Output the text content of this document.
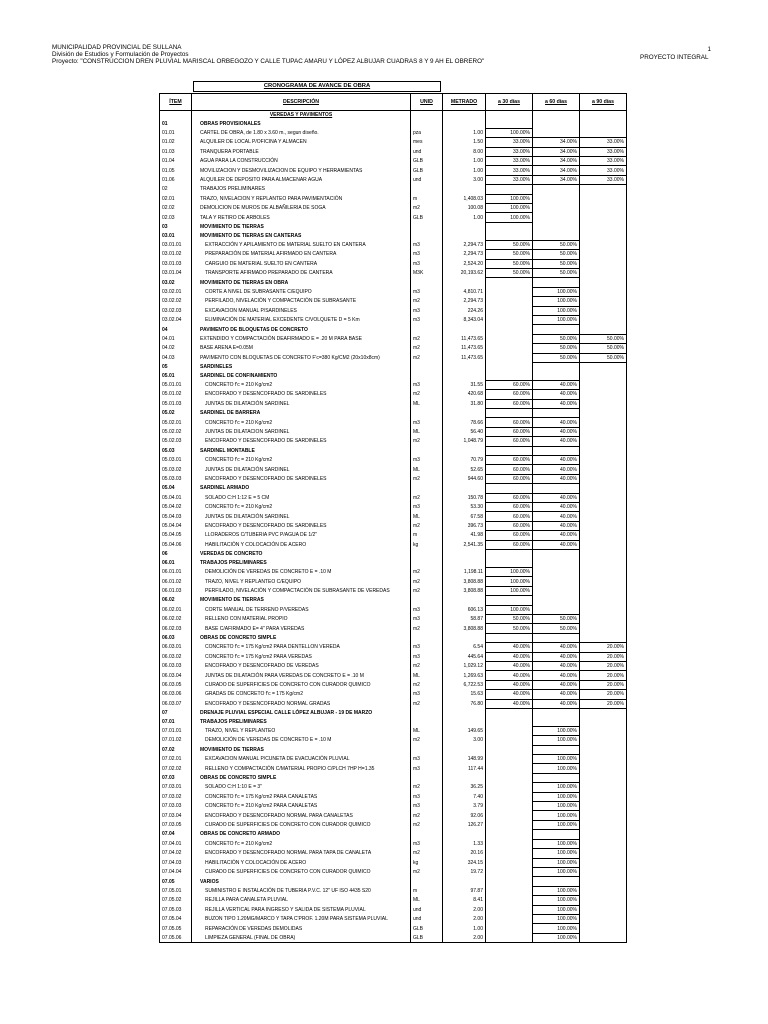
MUNICIPALIDAD PROVINCIAL DE SULLANA
División de Estudios y Formulación de Proyectos
Proyecto: "CONSTRUCCION DREN PLUVIAL MARISCAL ORBEGOZO Y CALLE TUPAC AMARU Y LÓPEZ ALBUJAR CUADRAS 8 Y 9 AH EL OBRERO"
1
PROYECTO INTEGRAL
CRONOGRAMA DE AVANCE DE OBRA
ÍTEM	DESCRIPCIÓN	UNID	METRADO	a 30 días	a 60 días	a 90 días
	VEREDAS Y PAVIMENTOS					
01	OBRAS PROVISIONALES					
01.01	CARTEL DE OBRA, de 1.80 x 3.60 m., segun diseño.	pza	1.00	100.00%		
01.02	ALQUILER DE LOCAL P/OFICINA Y ALMACEN	mes	1.50	33.00%	34.00%	33.00%
01.03	TRANQUERA PORTABLE	und	8.00	33.00%	34.00%	33.00%
01.04	AGUA PARA LA CONSTRUCCIÓN	GLB	1.00	33.00%	34.00%	33.00%
01.05	MOVILIZACION Y DESMOVILIZACION DE EQUIPO Y HERRAMIENTAS	GLB	1.00	33.00%	34.00%	33.00%
01.06	ALQUILER DE DEPOSITO PARA ALMACENAR AGUA	und	3.00	33.00%	34.00%	33.00%
02	TRABAJOS PRELIMINARES					
02.01	TRAZO, NIVELACION Y REPLANTEO PARA PAVIMENTACIÓN	m	1,408.03	100.00%		
02.02	DEMOLICION DE MUROS DE ALBAÑILERIA DE SOGA	m2	100.08	100.00%		
02.03	TALA Y RETIRO DE ARBOLES	GLB	1.00	100.00%		
03	MOVIMIENTO DE TIERRAS					
03.01	MOVIMIENTO DE TIERRAS EN CANTERAS					
03.01.01	EXTRACCIÓN Y APILAMIENTO DE MATERIAL SUELTO EN CANTERA	m3	2,294.73	50.00%	50.00%	
03.01.02	PREPARACIÓN DE MATERIAL AFIRMADO EN CANTERA	m3	2,294.73	50.00%	50.00%	
03.01.03	CARGUIO DE MATERIAL SUELTO EN CANTERA	m3	2,524.20	50.00%	50.00%	
03.01.04	TRANSPORTE AFIRMADO PREPARADO DE CANTERA	M3K	20,193.62	50.00%	50.00%	
03.02	MOVIMIENTO DE TIERRAS EN OBRA					
03.02.01	CORTE A NIVEL DE SUBRASANTE C/EQUIPO	m3	4,810.71		100.00%	
03.02.02	PERFILADO, NIVELACIÓN Y COMPACTACIÓN DE SUBRASANTE	m2	2,294.73		100.00%	
03.02.03	EXCAVACION MANUAL P/SARDINELES	m3	224.26		100.00%	
03.02.04	ELIMINACIÓN DE MATERIAL EXCEDENTE C/VOLQUETE D = 5 Km	m3	8,343.04		100.00%	
04	PAVIMENTO DE BLOQUETAS DE CONCRETO					
04.01	EXTENDIDO Y COMPACTACIÓN DEAFIRMADO E = .20 M PARA BASE	m2	11,473.65		50.00%	50.00%
04.02	BASE ARENA E=0.05M	m2	11,473.65		50.00%	50.00%
04.03	PAVIMENTO CON BLOQUETAS DE CONCRETO F'c=380 Kg/CM2 (20x10x8cm)	m2	11,473.65		50.00%	50.00%
05	SARDINELES					
05.01	SARDINEL DE CONFINAMIENTO					
05.01.01	CONCRETO f'c = 210 Kg/cm2	m3	31.55	60.00%	40.00%	
05.01.02	ENCOFRADO Y DESENCOFRADO DE SARDINELES	m2	420.68	60.00%	40.00%	
05.01.03	JUNTAS DE DILATACIÓN SARDINEL	ML	31.80	60.00%	40.00%	
05.02	SARDINEL DE BARRERA					
05.02.01	CONCRETO f'c = 210 Kg/cm2	m3	78.66	60.00%	40.00%	
05.02.02	JUNTAS DE DILATACION SARDINEL	ML	56.40	60.00%	40.00%	
05.02.03	ENCOFRADO Y DESENCOFRADO DE SARDINELES	m2	1,048.79	60.00%	40.00%	
05.03	SARDINEL MONTABLE					
05.03.01	CONCRETO f'c = 210 Kg/cm2	m3	70.79	60.00%	40.00%	
05.03.02	JUNTAS DE DILATACIÓN SARDINEL	ML	52.65	60.00%	40.00%	
05.03.03	ENCOFRADO Y DESENCOFRADO DE SARDINELES	m2	944.60	60.00%	40.00%	
05.04	SARDINEL ARMADO					
05.04.01	SOLADO C:H 1:12 E = 5 CM	m2	150.78	60.00%	40.00%	
05.04.02	CONCRETO f'c = 210 Kg/cm2	m3	53.30	60.00%	40.00%	
05.04.03	JUNTAS DE DILATACIÓN SARDINEL	ML	67.58	60.00%	40.00%	
05.04.04	ENCOFRADO Y DESENCOFRADO DE SARDINELES	m2	396.73	60.00%	40.00%	
05.04.05	LLORADEROS C/TUBERIA PVC P/AGUA DE 1/2"	m	41.98	60.00%	40.00%	
05.04.06	HABILITACIÓN Y COLOCACIÓN DE ACERO	kg	2,541.35	60.00%	40.00%	
06	VEREDAS DE CONCRETO					
06.01	TRABAJOS PRELIMINARES					
06.01.01	DEMOLICIÓN DE VEREDAS DE CONCRETO E = .10 M	m2	1,198.11	100.00%		
06.01.02	TRAZO, NIVEL Y REPLANTEO C/EQUIPO	m2	3,808.88	100.00%		
06.01.03	PERFILADO, NIVELACIÓN Y COMPACTACIÓN DE SUBRASANTE DE VEREDAS	m2	3,808.88	100.00%		
06.02	MOVIMIENTO DE TIERRAS					
06.02.01	CORTE MANUAL DE TERRENO P/VEREDAS	m3	606.13	100.00%		
06.02.02	RELLENO CON MATERIAL PROPIO	m3	58.87	50.00%	50.00%	
06.02.03	BASE C/AFIRMADO E= 4" PARA VEREDAS	m2	3,808.88	50.00%	50.00%	
06.03	OBRAS DE CONCRETO SIMPLE					
06.03.01	CONCRETO f'c = 175 Kg/cm2 PARA DENTELLON VEREDA	m3	6.54	40.00%	40.00%	20.00%
06.03.02	CONCRETO f'c = 175 Kg/cm2 PARA VEREDAS	m3	445.64	40.00%	40.00%	20.00%
06.03.03	ENCOFRADO Y DESENCOFRADO DE VEREDAS	m2	1,029.12	40.00%	40.00%	20.00%
06.03.04	JUNTAS DE DILATACIÓN PARA VEREDAS DE CONCRETO E = .10 M	ML	1,269.63	40.00%	40.00%	20.00%
06.03.05	CURADO DE SUPERFICIES DE CONCRETO CON CURADOR QUIMICO	m2	6,722.53	40.00%	40.00%	20.00%
06.03.06	GRADAS DE CONCRETO f'c = 175 Kg/cm2	m3	15.63	40.00%	40.00%	20.00%
06.03.07	ENCOFRADO Y DESENCOFRADO NORMAL GRADAS	m2	76.80	40.00%	40.00%	20.00%
07	DRENAJE PLUVIAL ESPECIAL CALLE LÓPEZ ALBUJAR - 19 DE MARZO					
07.01	TRABAJOS PRELIMINARES					
07.01.01	TRAZO, NIVEL Y REPLANTEO	ML	149.65		100.00%	
07.01.02	DEMOLICIÓN DE VEREDAS DE CONCRETO E = .10 M	m2	3.00		100.00%	
07.02	MOVIMIENTO DE TIERRAS					
07.02.01	EXCAVACION MANUAL P/CUNETA DE EVACUACIÓN PLUVIAL	m3	148.99		100.00%	
07.02.02	RELLENO Y COMPACTACIÓN C/MATERIAL PROPIO C/PLCH 7HP H=1.35	m3	117.44		100.00%	
07.03	OBRAS DE CONCRETO SIMPLE					
07.03.01	SOLADO C:H 1:10 E = 3"	m2	36.25		100.00%	
07.03.02	CONCRETO f'c = 175 Kg/cm2 PARA CANALETAS	m3	7.40		100.00%	
07.03.03	CONCRETO f'c = 210 Kg/cm2 PARA CANALETAS	m3	3.79		100.00%	
07.03.04	ENCOFRADO Y DESENCOFRADO NORMAL PARA CANALETAS	m2	92.06		100.00%	
07.03.05	CURADO DE SUPERFICIES DE CONCRETO CON CURADOR QUIMICO	m2	126.27		100.00%	
07.04	OBRAS DE CONCRETO ARMADO					
07.04.01	CONCRETO f'c = 210 Kg/cm2	m3	1.33		100.00%	
07.04.02	ENCOFRADO Y DESENCOFRADO NORMAL PARA TAPA DE CANALETA	m2	20.16		100.00%	
07.04.03	HABILITACIÓN Y COLOCACIÓN DE ACERO	kg	324.15		100.00%	
07.04.04	CURADO DE SUPERFICIES DE CONCRETO CON CURADOR QUIMICO	m2	19.72		100.00%	
07.05	VARIOS					
07.05.01	SUMINISTRO E INSTALACIÓN DE TUBERIA P.V.C. 12" UF ISO 4435 S20	m	97.87		100.00%	
07.05.02	REJILLA PARA CANALETA PLUVIAL	ML	8.41		100.00%	
07.05.03	REJILLA VERTICAL PARA INGRESO Y SALIDA DE SISTEMA PLUVIAL	und	2.00		100.00%	
07.05.04	BUZON TIPO 1.20MG/MARCO Y TAPA C'PROF. 1.20M PARA SISTEMA PLUVIAL	und	2.00		100.00%	
07.05.05	REPARACIÓN DE VEREDAS DEMOLIDAS	GLB	1.00		100.00%	
07.05.06	LIMPIEZA GENERAL (FINAL DE OBRA)	GLB	2.00		100.00%	
